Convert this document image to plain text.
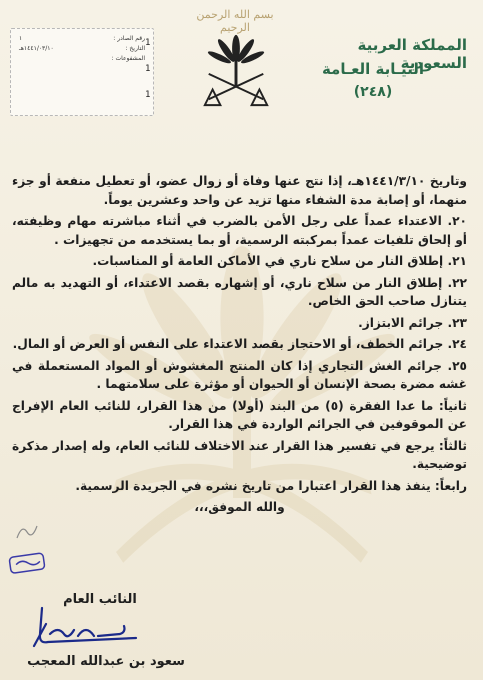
بسم الله الرحمن الرحيم
رقم الصادر :
١
التاريخ :
١٤٤١/٠٣/١٠هـ
المشفوعات :
1
1
1
المملكة العربية السعودية
النيـابة العـامة
(٢٤٨)

وتاريخ ١٤٤١/٣/١٠هـ، إذا نتج عنها وفاة أو زوال عضو، أو تعطيل منفعة أو جزء منهما، أو إصابة مدة الشفاء منها تزيد عن واحد وعشرين يوماً.

٢٠. الاعتداء عمداً على رجل الأمن بالضرب في أثناء مباشرته مهام وظيفته، أو إلحاق تلفيات عمداً بمركبته الرسمية، أو بما يستخدمه من تجهيزات .

٢١. إطلاق النار من سلاح ناري في الأماكن العامة أو المناسبات.

٢٢. إطلاق النار من سلاح ناري، أو إشهاره بقصد الاعتداء، أو التهديد به مالم يتنازل صاحب الحق الخاص.

٢٣. جرائم الابتزاز.

٢٤. جرائم الخطف، أو الاحتجاز بقصد الاعتداء على النفس أو العرض أو المال.

٢٥. جرائم الغش التجاري إذا كان المنتج المغشوش أو المواد المستعملة في غشه مضرة بصحة الإنسان أو الحيوان أو مؤثرة على سلامتهما .

ثانياً: ما عدا الفقرة (٥) من البند (أولا) من هذا القرار، للنائب العام الإفراج عن الموقوفين في الجرائم الواردة في هذا القرار.

ثالثاً: يرجع في تفسير هذا القرار عند الاختلاف للنائب العام، وله إصدار مذكرة توضيحية.

رابعاً: ينفذ هذا القرار اعتبارا من تاريخ نشره في الجريدة الرسمية.

والله الموفق،،،

النائب العام
سعود بن عبدالله المعجب
